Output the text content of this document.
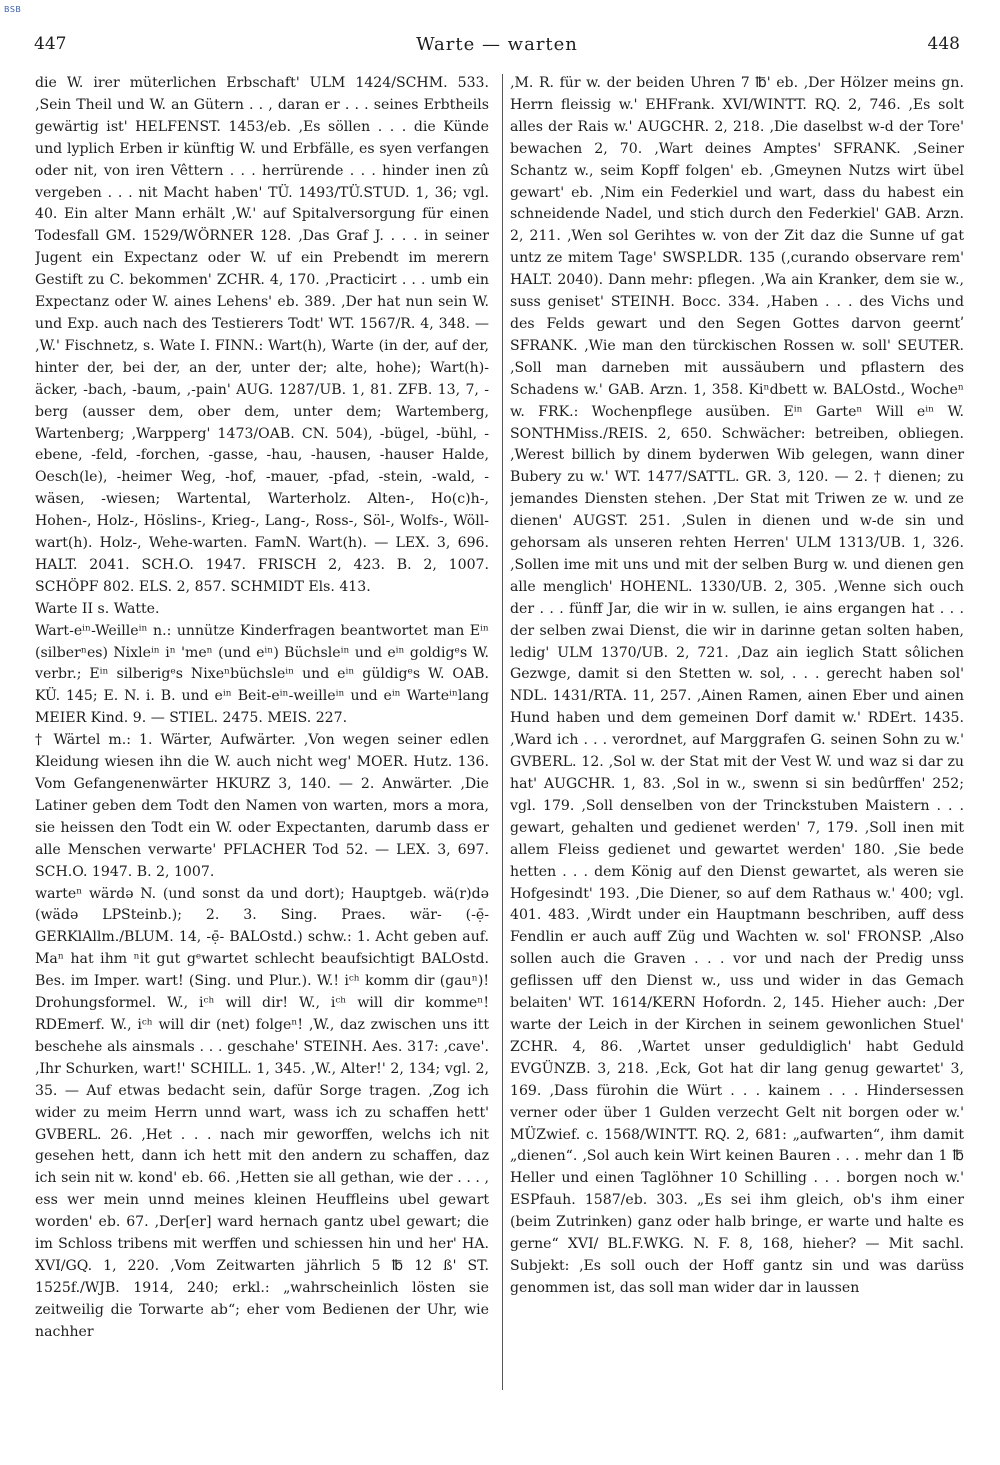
BSB
447	Warte — warten	448

die W. irer müterlichen Erbschaft' ULM 1424/SCHM. 533. ‚Sein Theil und W. an Gütern . . , daran er . . . seines Erbtheils gewärtig ist' HELFENST. 1453/eb. ‚Es söllen . . . die Künde und lyplich Erben ir künftig W. und Erbfälle, es syen verfangen oder nit, von iren Vêttern . . . herrürende . . . hinder inen zû vergeben . . . nit Macht haben' TÜ. 1493/TÜ.STUD. 1, 36; vgl. 40. Ein alter Mann erhält ‚W.' auf Spitalversorgung für einen Todesfall GM. 1529/WÖRNER 128. ‚Das Graf J. . . . in seiner Jugent ein Expectanz oder W. uf ein Prebendt im merern Gestift zu C. bekommen' ZCHR. 4, 170. ‚Practicirt . . . umb ein Expectanz oder W. aines Lehens' eb. 389. ‚Der hat nun sein W. und Exp. auch nach des Testierers Todt' WT. 1567/R. 4, 348. — ‚W.' Fischnetz, s. Wate I. FINN.: Wart(h), Warte (in der, auf der, hinter der, bei der, an der, unter der; alte, hohe); Wart(h)-äcker, -bach, -baum, ‚-pain' AUG. 1287/UB. 1, 81. ZFB. 13, 7, -berg (ausser dem, ober dem, unter dem; Wartemberg, Wartenberg; ‚Warpperg' 1473/OAB. CN. 504), -bügel, -bühl, -ebene, -feld, -forchen, -gasse, -hau, -hausen, -hauser Halde, Oesch(le), -heimer Weg, -hof, -mauer, -pfad, -stein, -wald, -wäsen, -wiesen; Wartental, Warterholz. Alten-, Ho(c)h-, Hohen-, Holz-, Höslins-, Krieg-, Lang-, Ross-, Söl-, Wolfs-, Wöll-wart(h). Holz-, Wehe-warten. FamN. Wart(h). — LEX. 3, 696. HALT. 2041. SCH.O. 1947. FRISCH 2, 423. B. 2, 1007. SCHÖPF 802. ELS. 2, 857. SCHMIDT Els. 413.

Warte II s. Watte.

Wart-eⁱⁿ-Weilleⁱⁿ n.: unnütze Kinderfragen beantwortet man Eⁱⁿ (silberⁿes) Nixleⁱⁿ iⁿ 'meⁿ (und eⁱⁿ) Büchsleⁱⁿ und eⁱⁿ goldigᵉs W. verbr.; Eⁱⁿ silberigᵉs Nixeⁿbüchsleⁱⁿ und eⁱⁿ güldigᵉs W. OAB. KÜ. 145; E. N. i. B. und eⁱⁿ Beit-eⁱⁿ-weilleⁱⁿ und eⁱⁿ Warteⁱⁿlang MEIER Kind. 9. — STIEL. 2475. MEIS. 227.

† Wärtel m.: 1. Wärter, Aufwärter. ‚Von wegen seiner edlen Kleidung wiesen ihn die W. auch nicht weg' MOER. Hutz. 136. Vom Gefangenenwärter HKURZ 3, 140. — 2. Anwärter. ‚Die Latiner geben dem Todt den Namen von warten, mors a mora, sie heissen den Todt ein W. oder Expectanten, darumb dass er alle Menschen verwarte' PFLACHER Tod 52. — LEX. 3, 697. SCH.O. 1947. B. 2, 1007.

warteⁿ wärdə N. (und sonst da und dort); Hauptgeb. wä(r)də (wädə LPSteinb.); 2. 3. Sing. Praes. wär- (-ẹ̄- GERKlAllm./BLUM. 14, -ẹ̄- BALOstd.) schw.: 1. Acht geben auf. Maⁿ hat ihm ⁿit gut gᵉwartet schlecht beaufsichtigt BALOstd. Bes. im Imper. wart! (Sing. und Plur.). W.! iᶜʰ komm dir (gauⁿ)! Drohungsformel. W., iᶜʰ will dir! W., iᶜʰ will dir kommeⁿ! RDEmerf. W., iᶜʰ will dir (net) folgeⁿ! ‚W., daz zwischen uns itt beschehe als ainsmals . . . geschahe' STEINH. Aes. 317: ‚cave'. ‚Ihr Schurken, wart!' SCHILL. 1, 345. ‚W., Alter!' 2, 134; vgl. 2, 35. — Auf etwas bedacht sein, dafür Sorge tragen. ‚Zog ich wider zu meim Herrn unnd wart, wass ich zu schaffen hett' GVBERL. 26. ‚Het . . . nach mir geworffen, welchs ich nit gesehen hett, dann ich hett mit den andern zu schaffen, daz ich sein nit w. kond' eb. 66. ‚Hetten sie all gethan, wie der . . . , ess wer mein unnd meines kleinen Heuffleins ubel gewart worden' eb. 67. ‚Der[er] ward hernach gantz ubel gewart; die im Schloss tribens mit werffen und schiessen hin und her' HA. XVI/GQ. 1, 220. ‚Vom Zeitwarten jährlich 5 ℔ 12 ß' ST. 1525f./WJB. 1914, 240; erkl.: „wahrscheinlich lösten sie zeitweilig die Torwarte ab“; eher vom Bedienen der Uhr, wie nachher

‚M. R. für w. der beiden Uhren 7 ℔' eb. ‚Der Hölzer meins gn. Herrn fleissig w.' EHFrank. XVI/WINTT. RQ. 2, 746. ‚Es solt alles der Rais w.' AUGCHR. 2, 218. ‚Die daselbst w-d der Tore' bewachen 2, 70. ‚Wart deines Amptes' SFRANK. ‚Seiner Schantz w., seim Kopff folgen' eb. ‚Gmeynen Nutzs wirt übel gewart' eb. ‚Nim ein Federkiel und wart, dass du habest ein schneidende Nadel, und stich durch den Federkiel' GAB. Arzn. 2, 211. ‚Wen sol Gerihtes w. von der Zit daz die Sunne uf gat untz ze mitem Tage' SWSP.LDR. 135 (‚curando observare rem' HALT. 2040). Dann mehr: pflegen. ‚Wa ain Kranker, dem sie w., suss geniset' STEINH. Bocc. 334. ‚Haben . . . des Vichs und des Felds gewart und den Segen Gottes darvon geerntʹ SFRANK. ‚Wie man den türckischen Rossen w. soll' SEUTER. ‚Soll man darneben mit aussäubern und pflastern des Schadens w.' GAB. Arzn. 1, 358. Kiⁿdbett w. BALOstd., Wocheⁿ w. FRK.: Wochenpflege ausüben. Eⁱⁿ Garteⁿ Will eⁱⁿ W. SONTHMiss./REIS. 2, 650. Schwächer: betreiben, obliegen. ‚Werest billich by dinem byderwen Wib gelegen, wann diner Bubery zu w.' WT. 1477/SATTL. GR. 3, 120. — 2. † dienen; zu jemandes Diensten stehen. ‚Der Stat mit Triwen ze w. und ze dienen' AUGST. 251. ‚Sulen in dienen und w-de sin und gehorsam als unseren rehten Herren' ULM 1313/UB. 1, 326. ‚Sollen ime mit uns und mit der selben Burg w. und dienen gen alle menglich' HOHENL. 1330/UB. 2, 305. ‚Wenne sich ouch der . . . fünff Jar, die wir in w. sullen, ie ains ergangen hat . . . der selben zwai Dienst, die wir in darinne getan solten haben, ledig' ULM 1370/UB. 2, 721. ‚Daz ain ieglich Statt sôlichen Gezwge, damit si den Stetten w. sol, . . . gerecht haben sol' NDL. 1431/RTA. 11, 257. ‚Ainen Ramen, ainen Eber und ainen Hund haben und dem gemeinen Dorf damit w.' RDErt. 1435. ‚Ward ich . . . verordnet, auf Marggrafen G. seinen Sohn zu w.' GVBERL. 12. ‚Sol w. der Stat mit der Vest W. und waz si dar zu hat' AUGCHR. 1, 83. ‚Sol in w., swenn si sin bedûrffen' 252; vgl. 179. ‚Soll denselben von der Trinckstuben Maistern . . . gewart, gehalten und gedienet werden' 7, 179. ‚Soll inen mit allem Fleiss gedienet und gewartet werden' 180. ‚Sie bede hetten . . . dem König auf den Dienst gewartet, als weren sie Hofgesindt' 193. ‚Die Diener, so auf dem Rathaus w.' 400; vgl. 401. 483. ‚Wirdt under ein Hauptmann beschriben, auff dess Fendlin er auch auff Züg und Wachten w. sol' FRONSP. ‚Also sollen auch die Graven . . . vor und nach der Predig unss geflissen uff den Dienst w., uss und wider in das Gemach belaiten' WT. 1614/KERN Hofordn. 2, 145. Hieher auch: ‚Der warte der Leich in der Kirchen in seinem gewonlichen Stuel' ZCHR. 4, 86. ‚Wartet unser geduldiglich' habt Geduld EVGÜNZB. 3, 218. ‚Eck, Got hat dir lang genug gewartet' 3, 169. ‚Dass fürohin die Würt . . . kainem . . . Hindersessen verner oder über 1 Gulden verzecht Gelt nit borgen oder w.' MÜZwief. c. 1568/WINTT. RQ. 2, 681: „aufwarten“, ihm damit „dienen“. ‚Sol auch kein Wirt keinen Bauren . . . mehr dan 1 ℔ Heller und einen Taglöhner 10 Schilling . . . borgen noch w.' ESPfauh. 1587/eb. 303. „Es sei ihm gleich, ob's ihm einer (beim Zutrinken) ganz oder halb bringe, er warte und halte es gerne“ XVI/ BL.F.WKG. N. F. 8, 168, hieher? — Mit sachl. Subjekt: ‚Es soll ouch der Hoff gantz sin und was darüss genommen ist, das soll man wider dar in laussen
